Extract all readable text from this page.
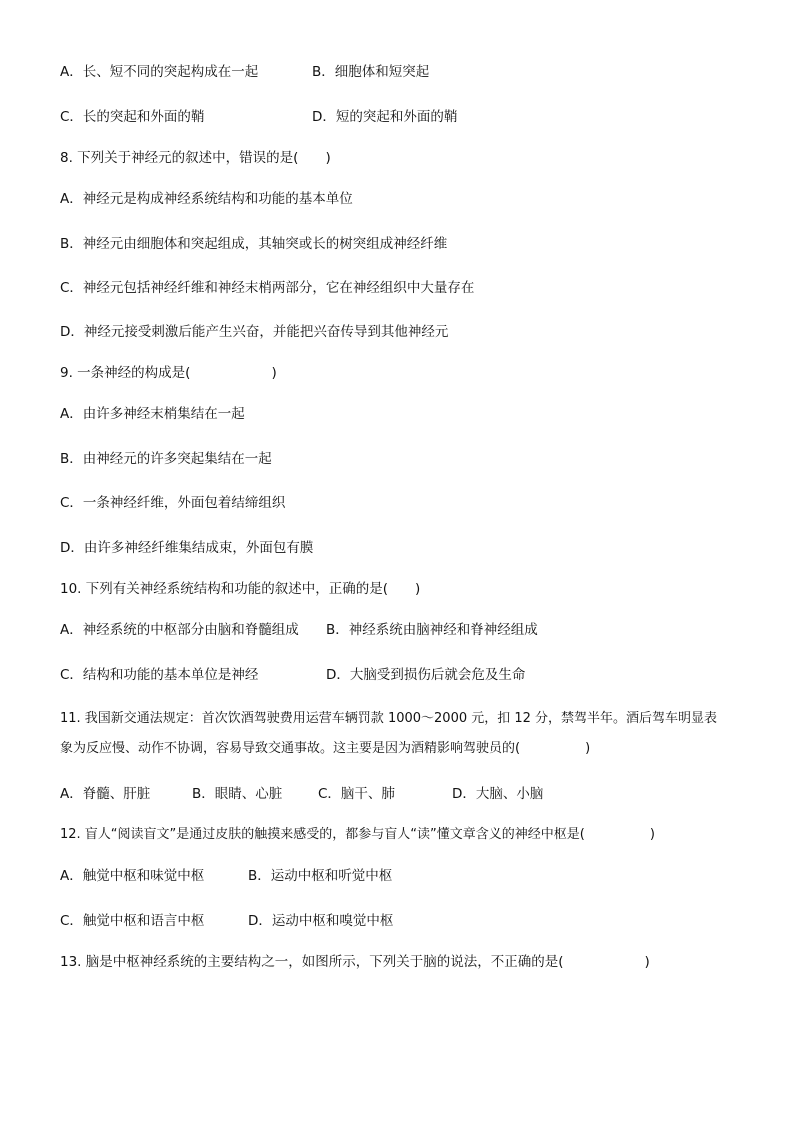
A．长、短不同的突起构成在一起	B．细胞体和短突起
C．长的突起和外面的鞘	D．短的突起和外面的鞘
8. 下列关于神经元的叙述中，错误的是(　　)
A．神经元是构成神经系统结构和功能的基本单位
B．神经元由细胞体和突起组成，其轴突或长的树突组成神经纤维
C．神经元包括神经纤维和神经末梢两部分，它在神经组织中大量存在
D．神经元接受刺激后能产生兴奋，并能把兴奋传导到其他神经元
9. 一条神经的构成是(　　　　　　)
A．由许多神经末梢集结在一起
B．由神经元的许多突起集结在一起
C．一条神经纤维，外面包着结缔组织
D．由许多神经纤维集结成束，外面包有膜
10. 下列有关神经系统结构和功能的叙述中，正确的是(　　)
A．神经系统的中枢部分由脑和脊髓组成 B．神经系统由脑神经和脊神经组成
C．结构和功能的基本单位是神经	D．大脑受到损伤后就会危及生命
11. 我国新交通法规定：首次饮酒驾驶费用运营车辆罚款 1000～2000 元，扣 12 分，禁驾半年。酒后驾车明显表
象为反应慢、动作不协调，容易导致交通事故。这主要是因为酒精影响驾驶员的(　　　　　)
A．脊髓、肝脏	B．眼睛、心脏	C．脑干、肺	D．大脑、小脑
12. 盲人“阅读盲文”是通过皮肤的触摸来感受的，都参与盲人“读”懂文章含义的神经中枢是(　　　　　)
A．触觉中枢和味觉中枢	B．运动中枢和听觉中枢
C．触觉中枢和语言中枢	D．运动中枢和嗅觉中枢
13. 脑是中枢神经系统的主要结构之一，如图所示，下列关于脑的说法，不正确的是(　　　　　　)
